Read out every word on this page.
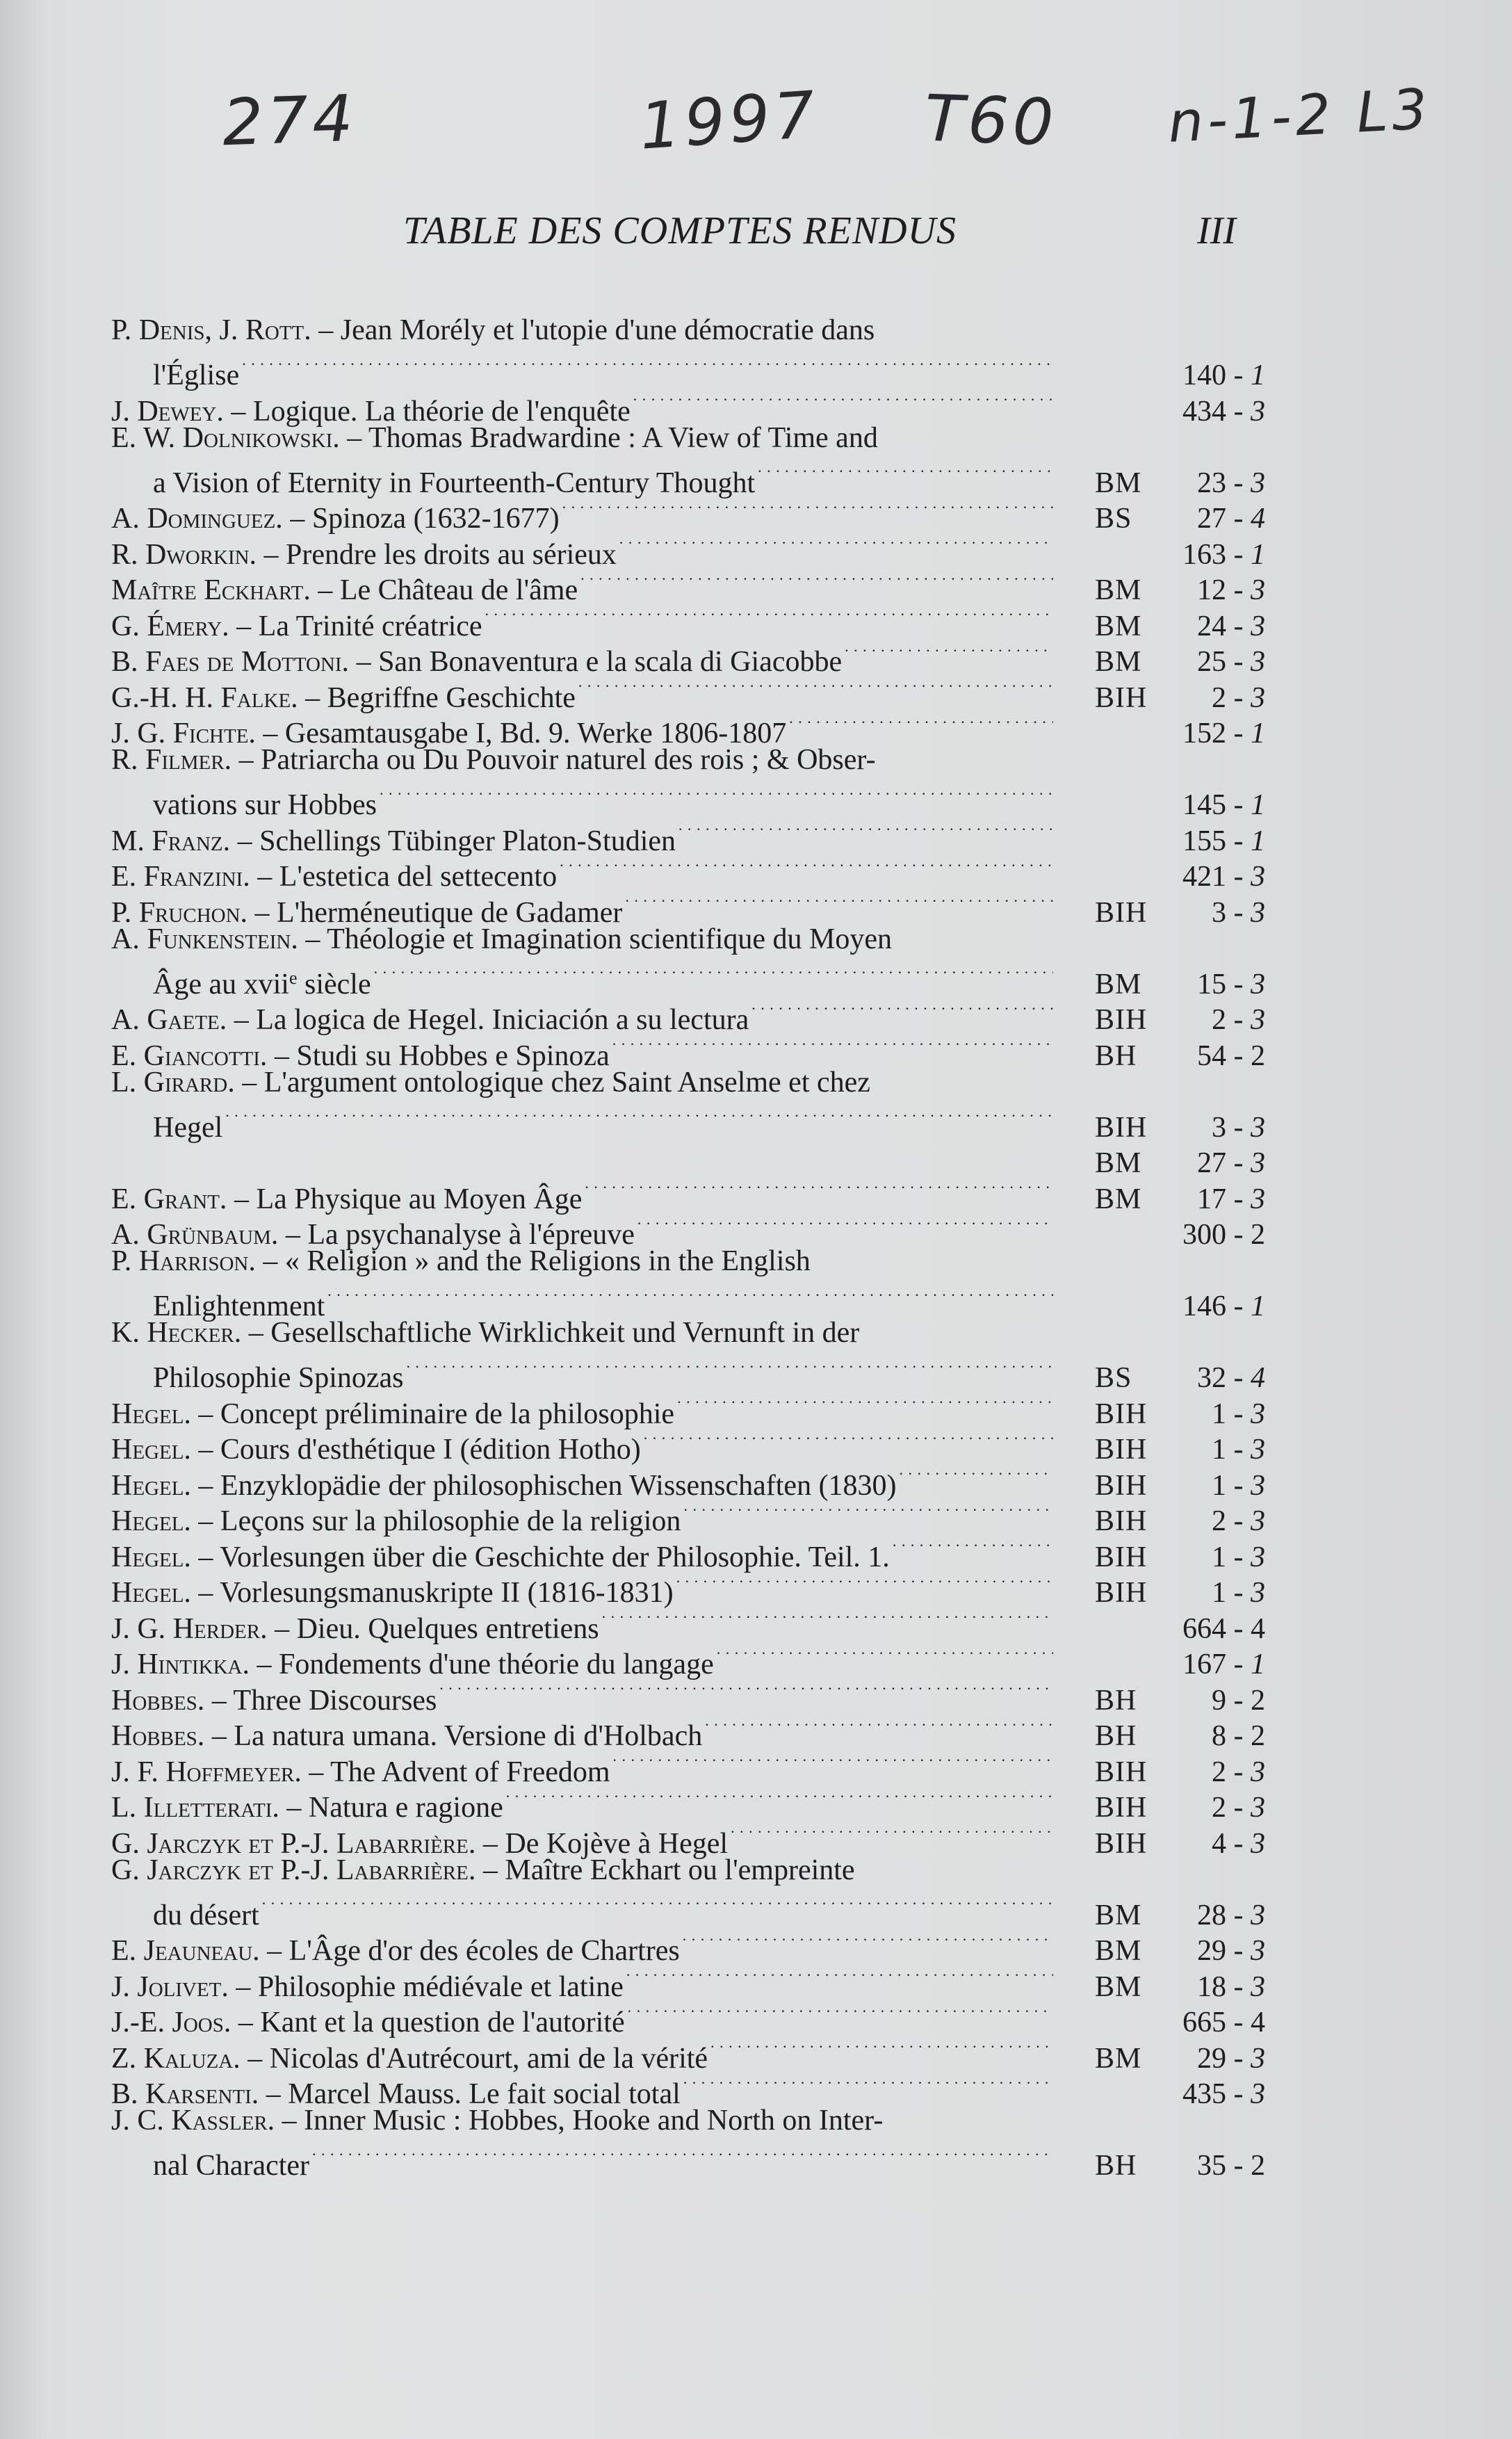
274	1997 T60 n-1-2 L3
TABLE DES COMPTES RENDUS	III
P. Denis, J. Rott. – Jean Morély et l'utopie d'une démocratie dans
l'Église . . .	140 - 1
J. Dewey. – Logique. La théorie de l'enquête . . .	434 - 3
E. W. Dolnikowski. – Thomas Bradwardine : A View of Time and
a Vision of Eternity in Fourteenth-Century Thought . . .	BM	23 - 3
A. Dominguez. – Spinoza (1632-1677) . . .	BS	27 - 4
R. Dworkin. – Prendre les droits au sérieux . . .	163 - 1
Maître Eckhart. – Le Château de l'âme . . .	BM	12 - 3
G. Émery. – La Trinité créatrice . . .	BM	24 - 3
B. Faes de Mottoni. – San Bonaventura e la scala di Giacobbe . . .	BM	25 - 3
G.-H. H. Falke. – Begriffne Geschichte . . .	BIH	2 - 3
J. G. Fichte. – Gesamtausgabe I, Bd. 9. Werke 1806-1807 . . .	152 - 1
R. Filmer. – Patriarcha ou Du Pouvoir naturel des rois ; & Obser-
vations sur Hobbes . . .	145 - 1
M. Franz. – Schellings Tübinger Platon-Studien . . .	155 - 1
E. Franzini. – L'estetica del settecento . . .	421 - 3
P. Fruchon. – L'herméneutique de Gadamer . . .	BIH	3 - 3
A. Funkenstein. – Théologie et Imagination scientifique du Moyen
Âge au xvii$^e$ siècle . . .	BM	15 - 3
A. Gaete. – La logica de Hegel. Iniciación a su lectura . . .	BIH	2 - 3
E. Giancotti. – Studi su Hobbes e Spinoza . . .	BH	54 - 2
L. Girard. – L'argument ontologique chez Saint Anselme et chez
Hegel . . .	BIH	3 - 3
BM	27 - 3
E. Grant. – La Physique au Moyen Âge . . .	BM	17 - 3
A. Grünbaum. – La psychanalyse à l'épreuve . . .	300 - 2
P. Harrison. – « Religion » and the Religions in the English
Enlightenment . . .	146 - 1
K. Hecker. – Gesellschaftliche Wirklichkeit und Vernunft in der
Philosophie Spinozas . . .	BS	32 - 4
Hegel. – Concept préliminaire de la philosophie . . .	BIH	1 - 3
Hegel. – Cours d'esthétique I (édition Hotho) . . .	BIH	1 - 3
Hegel. – Enzyklopädie der philosophischen Wissenschaften (1830) . . .	BIH	1 - 3
Hegel. – Leçons sur la philosophie de la religion . . .	BIH	2 - 3
Hegel. – Vorlesungen über die Geschichte der Philosophie. Teil. 1. . . .	BIH	1 - 3
Hegel. – Vorlesungsmanuskripte II (1816-1831) . . .	BIH	1 - 3
J. G. Herder. – Dieu. Quelques entretiens . . .	664 - 4
J. Hintikka. – Fondements d'une théorie du langage . . .	167 - 1
Hobbes. – Three Discourses . . .	BH	9 - 2
Hobbes. – La natura umana. Versione di d'Holbach . . .	BH	8 - 2
J. F. Hoffmeyer. – The Advent of Freedom . . .	BIH	2 - 3
L. Illetterati. – Natura e ragione . . .	BIH	2 - 3
G. Jarczyk et P.-J. Labarrière. – De Kojève à Hegel . . .	BIH	4 - 3
G. Jarczyk et P.-J. Labarrière. – Maître Eckhart ou l'empreinte
du désert . . .	BM	28 - 3
E. Jeauneau. – L'Âge d'or des écoles de Chartres . . .	BM	29 - 3
J. Jolivet. – Philosophie médiévale et latine . . .	BM	18 - 3
J.-E. Joos. – Kant et la question de l'autorité . . .	665 - 4
Z. Kaluza. – Nicolas d'Autrécourt, ami de la vérité . . .	BM	29 - 3
B. Karsenti. – Marcel Mauss. Le fait social total . . .	435 - 3
J. C. Kassler. – Inner Music : Hobbes, Hooke and North on Inter-
nal Character . . .	BH	35 - 2
